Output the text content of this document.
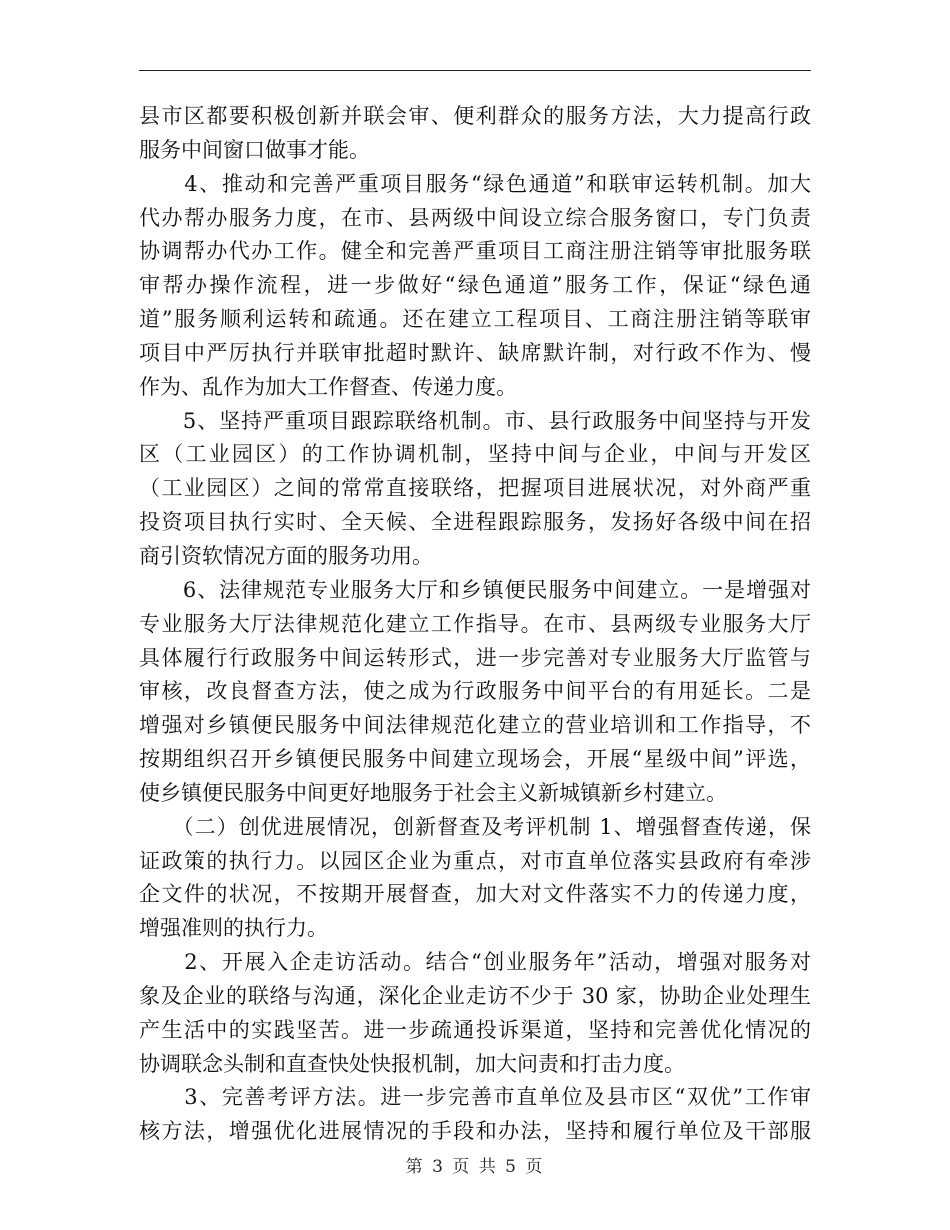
县市区都要积极创新并联会审、便利群众的服务方法，大力提高行政
服务中间窗口做事才能。
　　4、推动和完善严重项目服务“绿色通道”和联审运转机制。加大
代办帮办服务力度，在市、县两级中间设立综合服务窗口，专门负责
协调帮办代办工作。健全和完善严重项目工商注册注销等审批服务联
审帮办操作流程，进一步做好“绿色通道”服务工作，保证“绿色通
道”服务顺利运转和疏通。还在建立工程项目、工商注册注销等联审
项目中严厉执行并联审批超时默许、缺席默许制，对行政不作为、慢
作为、乱作为加大工作督查、传递力度。
　　5、坚持严重项目跟踪联络机制。市、县行政服务中间坚持与开发
区（工业园区）的工作协调机制，坚持中间与企业，中间与开发区
（工业园区）之间的常常直接联络，把握项目进展状况，对外商严重
投资项目执行实时、全天候、全进程跟踪服务，发扬好各级中间在招
商引资软情况方面的服务功用。
　　6、法律规范专业服务大厅和乡镇便民服务中间建立。一是增强对
专业服务大厅法律规范化建立工作指导。在市、县两级专业服务大厅
具体履行行政服务中间运转形式，进一步完善对专业服务大厅监管与
审核，改良督查方法，使之成为行政服务中间平台的有用延长。二是
增强对乡镇便民服务中间法律规范化建立的营业培训和工作指导，不
按期组织召开乡镇便民服务中间建立现场会，开展“星级中间”评选，
使乡镇便民服务中间更好地服务于社会主义新城镇新乡村建立。
　　（二）创优进展情况，创新督查及考评机制 1、增强督查传递，保
证政策的执行力。以园区企业为重点，对市直单位落实县政府有牵涉
企文件的状况，不按期开展督查，加大对文件落实不力的传递力度，
增强准则的执行力。
　　2、开展入企走访活动。结合“创业服务年”活动，增强对服务对
象及企业的联络与沟通，深化企业走访不少于 30 家，协助企业处理生
产生活中的实践坚苦。进一步疏通投诉渠道，坚持和完善优化情况的
协调联念头制和直查快处快报机制，加大问责和打击力度。
　　3、完善考评方法。进一步完善市直单位及县市区“双优”工作审
核方法，增强优化进展情况的手段和办法，坚持和履行单位及干部服
第 3 页 共 5 页
